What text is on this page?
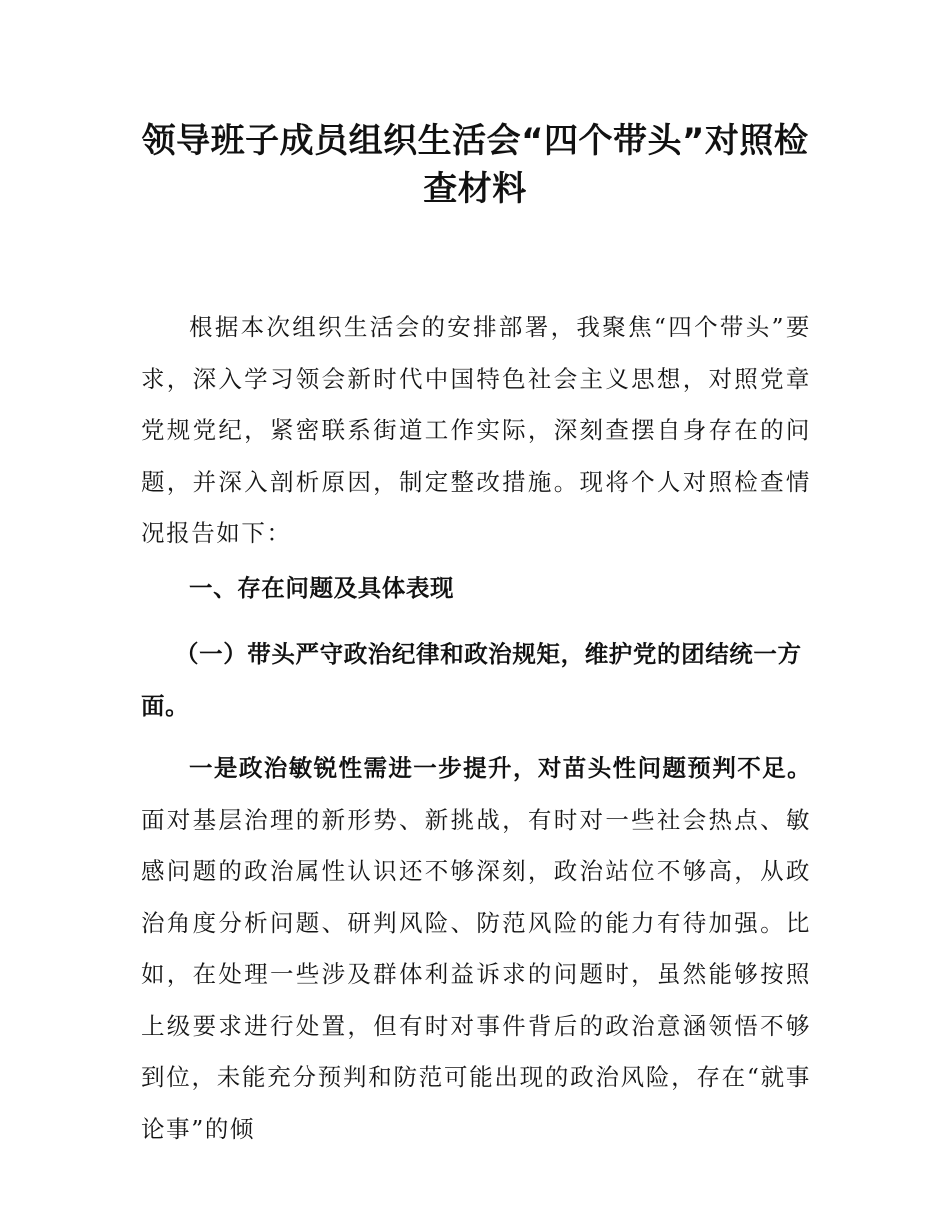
领导班子成员组织生活会“四个带头”对照检查材料

根据本次组织生活会的安排部署，我聚焦“四个带头”要求，深入学习领会新时代中国特色社会主义思想，对照党章党规党纪，紧密联系街道工作实际，深刻查摆自身存在的问题，并深入剖析原因，制定整改措施。现将个人对照检查情况报告如下：

一、存在问题及具体表现

（一）带头严守政治纪律和政治规矩，维护党的团结统一方面。

一是政治敏锐性需进一步提升，对苗头性问题预判不足。面对基层治理的新形势、新挑战，有时对一些社会热点、敏感问题的政治属性认识还不够深刻，政治站位不够高，从政治角度分析问题、研判风险、防范风险的能力有待加强。比如，在处理一些涉及群体利益诉求的问题时，虽然能够按照上级要求进行处置，但有时对事件背后的政治意涵领悟不够到位，未能充分预判和防范可能出现的政治风险，存在“就事论事”的倾
